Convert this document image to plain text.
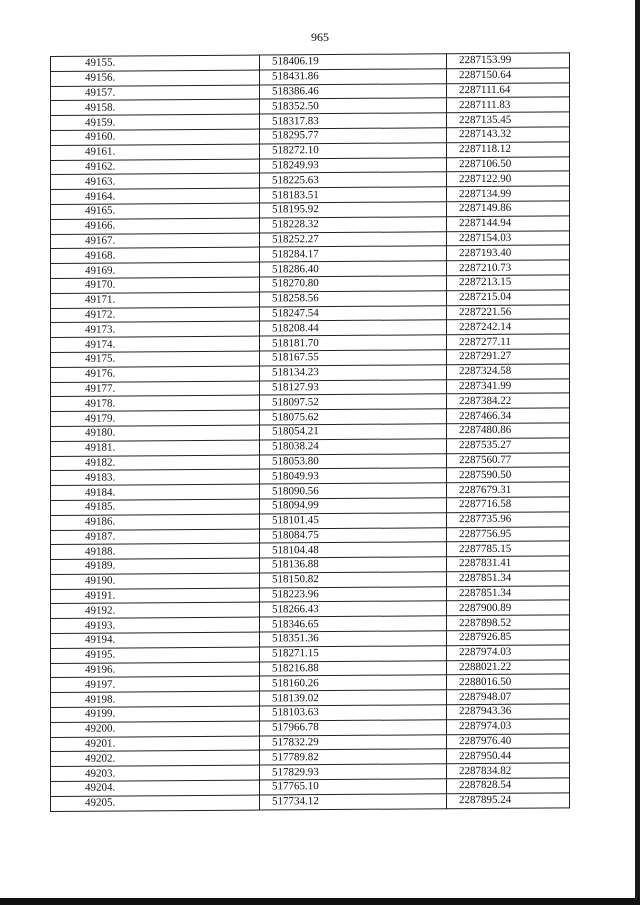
965
49155.	518406.19	2287153.99
49156.	518431.86	2287150.64
49157.	518386.46	2287111.64
49158.	518352.50	2287111.83
49159.	518317.83	2287135.45
49160.	518295.77	2287143.32
49161.	518272.10	2287118.12
49162.	518249.93	2287106.50
49163.	518225.63	2287122.90
49164.	518183.51	2287134.99
49165.	518195.92	2287149.86
49166.	518228.32	2287144.94
49167.	518252.27	2287154.03
49168.	518284.17	2287193.40
49169.	518286.40	2287210.73
49170.	518270.80	2287213.15
49171.	518258.56	2287215.04
49172.	518247.54	2287221.56
49173.	518208.44	2287242.14
49174.	518181.70	2287277.11
49175.	518167.55	2287291.27
49176.	518134.23	2287324.58
49177.	518127.93	2287341.99
49178.	518097.52	2287384.22
49179.	518075.62	2287466.34
49180.	518054.21	2287480.86
49181.	518038.24	2287535.27
49182.	518053.80	2287560.77
49183.	518049.93	2287590.50
49184.	518090.56	2287679.31
49185.	518094.99	2287716.58
49186.	518101.45	2287735.96
49187.	518084.75	2287756.95
49188.	518104.48	2287785.15
49189.	518136.88	2287831.41
49190.	518150.82	2287851.34
49191.	518223.96	2287851.34
49192.	518266.43	2287900.89
49193.	518346.65	2287898.52
49194.	518351.36	2287926.85
49195.	518271.15	2287974.03
49196.	518216.88	2288021.22
49197.	518160.26	2288016.50
49198.	518139.02	2287948.07
49199.	518103.63	2287943.36
49200.	517966.78	2287974.03
49201.	517832.29	2287976.40
49202.	517789.82	2287950.44
49203.	517829.93	2287834.82
49204.	517765.10	2287828.54
49205.	517734.12	2287895.24
